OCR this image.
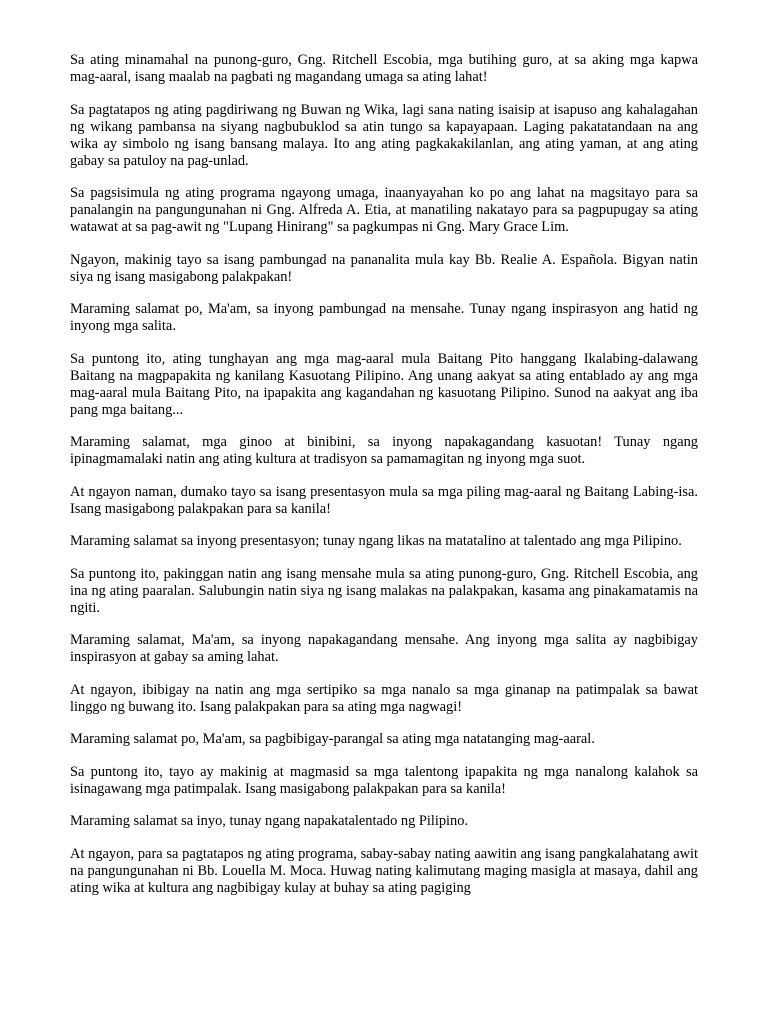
Sa ating minamahal na punong-guro, Gng. Ritchell Escobia, mga butihing guro, at sa aking mga kapwa mag-aaral, isang maalab na pagbati ng magandang umaga sa ating lahat!

Sa pagtatapos ng ating pagdiriwang ng Buwan ng Wika, lagi sana nating isaisip at isapuso ang kahalagahan ng wikang pambansa na siyang nagbubuklod sa atin tungo sa kapayapaan. Laging pakatatandaan na ang wika ay simbolo ng isang bansang malaya. Ito ang ating pagkakakilanlan, ang ating yaman, at ang ating gabay sa patuloy na pag-unlad.

Sa pagsisimula ng ating programa ngayong umaga, inaanyayahan ko po ang lahat na magsitayo para sa panalangin na pangungunahan ni Gng. Alfreda A. Etia, at manatiling nakatayo para sa pagpupugay sa ating watawat at sa pag-awit ng "Lupang Hinirang" sa pagkumpas ni Gng. Mary Grace Lim.

Ngayon, makinig tayo sa isang pambungad na pananalita mula kay Bb. Realie A. Española. Bigyan natin siya ng isang masigabong palakpakan!

Maraming salamat po, Ma'am, sa inyong pambungad na mensahe. Tunay ngang inspirasyon ang hatid ng inyong mga salita.

Sa puntong ito, ating tunghayan ang mga mag-aaral mula Baitang Pito hanggang Ikalabing-dalawang Baitang na magpapakita ng kanilang Kasuotang Pilipino. Ang unang aakyat sa ating entablado ay ang mga mag-aaral mula Baitang Pito, na ipapakita ang kagandahan ng kasuotang Pilipino. Sunod na aakyat ang iba pang mga baitang...

Maraming salamat, mga ginoo at binibini, sa inyong napakagandang kasuotan! Tunay ngang ipinagmamalaki natin ang ating kultura at tradisyon sa pamamagitan ng inyong mga suot.

At ngayon naman, dumako tayo sa isang presentasyon mula sa mga piling mag-aaral ng Baitang Labing-isa. Isang masigabong palakpakan para sa kanila!

Maraming salamat sa inyong presentasyon; tunay ngang likas na matatalino at talentado ang mga Pilipino.

Sa puntong ito, pakinggan natin ang isang mensahe mula sa ating punong-guro, Gng. Ritchell Escobia, ang ina ng ating paaralan. Salubungin natin siya ng isang malakas na palakpakan, kasama ang pinakamatamis na ngiti.

Maraming salamat, Ma'am, sa inyong napakagandang mensahe. Ang inyong mga salita ay nagbibigay inspirasyon at gabay sa aming lahat.

At ngayon, ibibigay na natin ang mga sertipiko sa mga nanalo sa mga ginanap na patimpalak sa bawat linggo ng buwang ito. Isang palakpakan para sa ating mga nagwagi!

Maraming salamat po, Ma'am, sa pagbibigay-parangal sa ating mga natatanging mag-aaral.

Sa puntong ito, tayo ay makinig at magmasid sa mga talentong ipapakita ng mga nanalong kalahok sa isinagawang mga patimpalak. Isang masigabong palakpakan para sa kanila!

Maraming salamat sa inyo, tunay ngang napakatalentado ng Pilipino.

At ngayon, para sa pagtatapos ng ating programa, sabay-sabay nating aawitin ang isang pangkalahatang awit na pangungunahan ni Bb. Louella M. Moca. Huwag nating kalimutang maging masigla at masaya, dahil ang ating wika at kultura ang nagbibigay kulay at buhay sa ating pagiging
